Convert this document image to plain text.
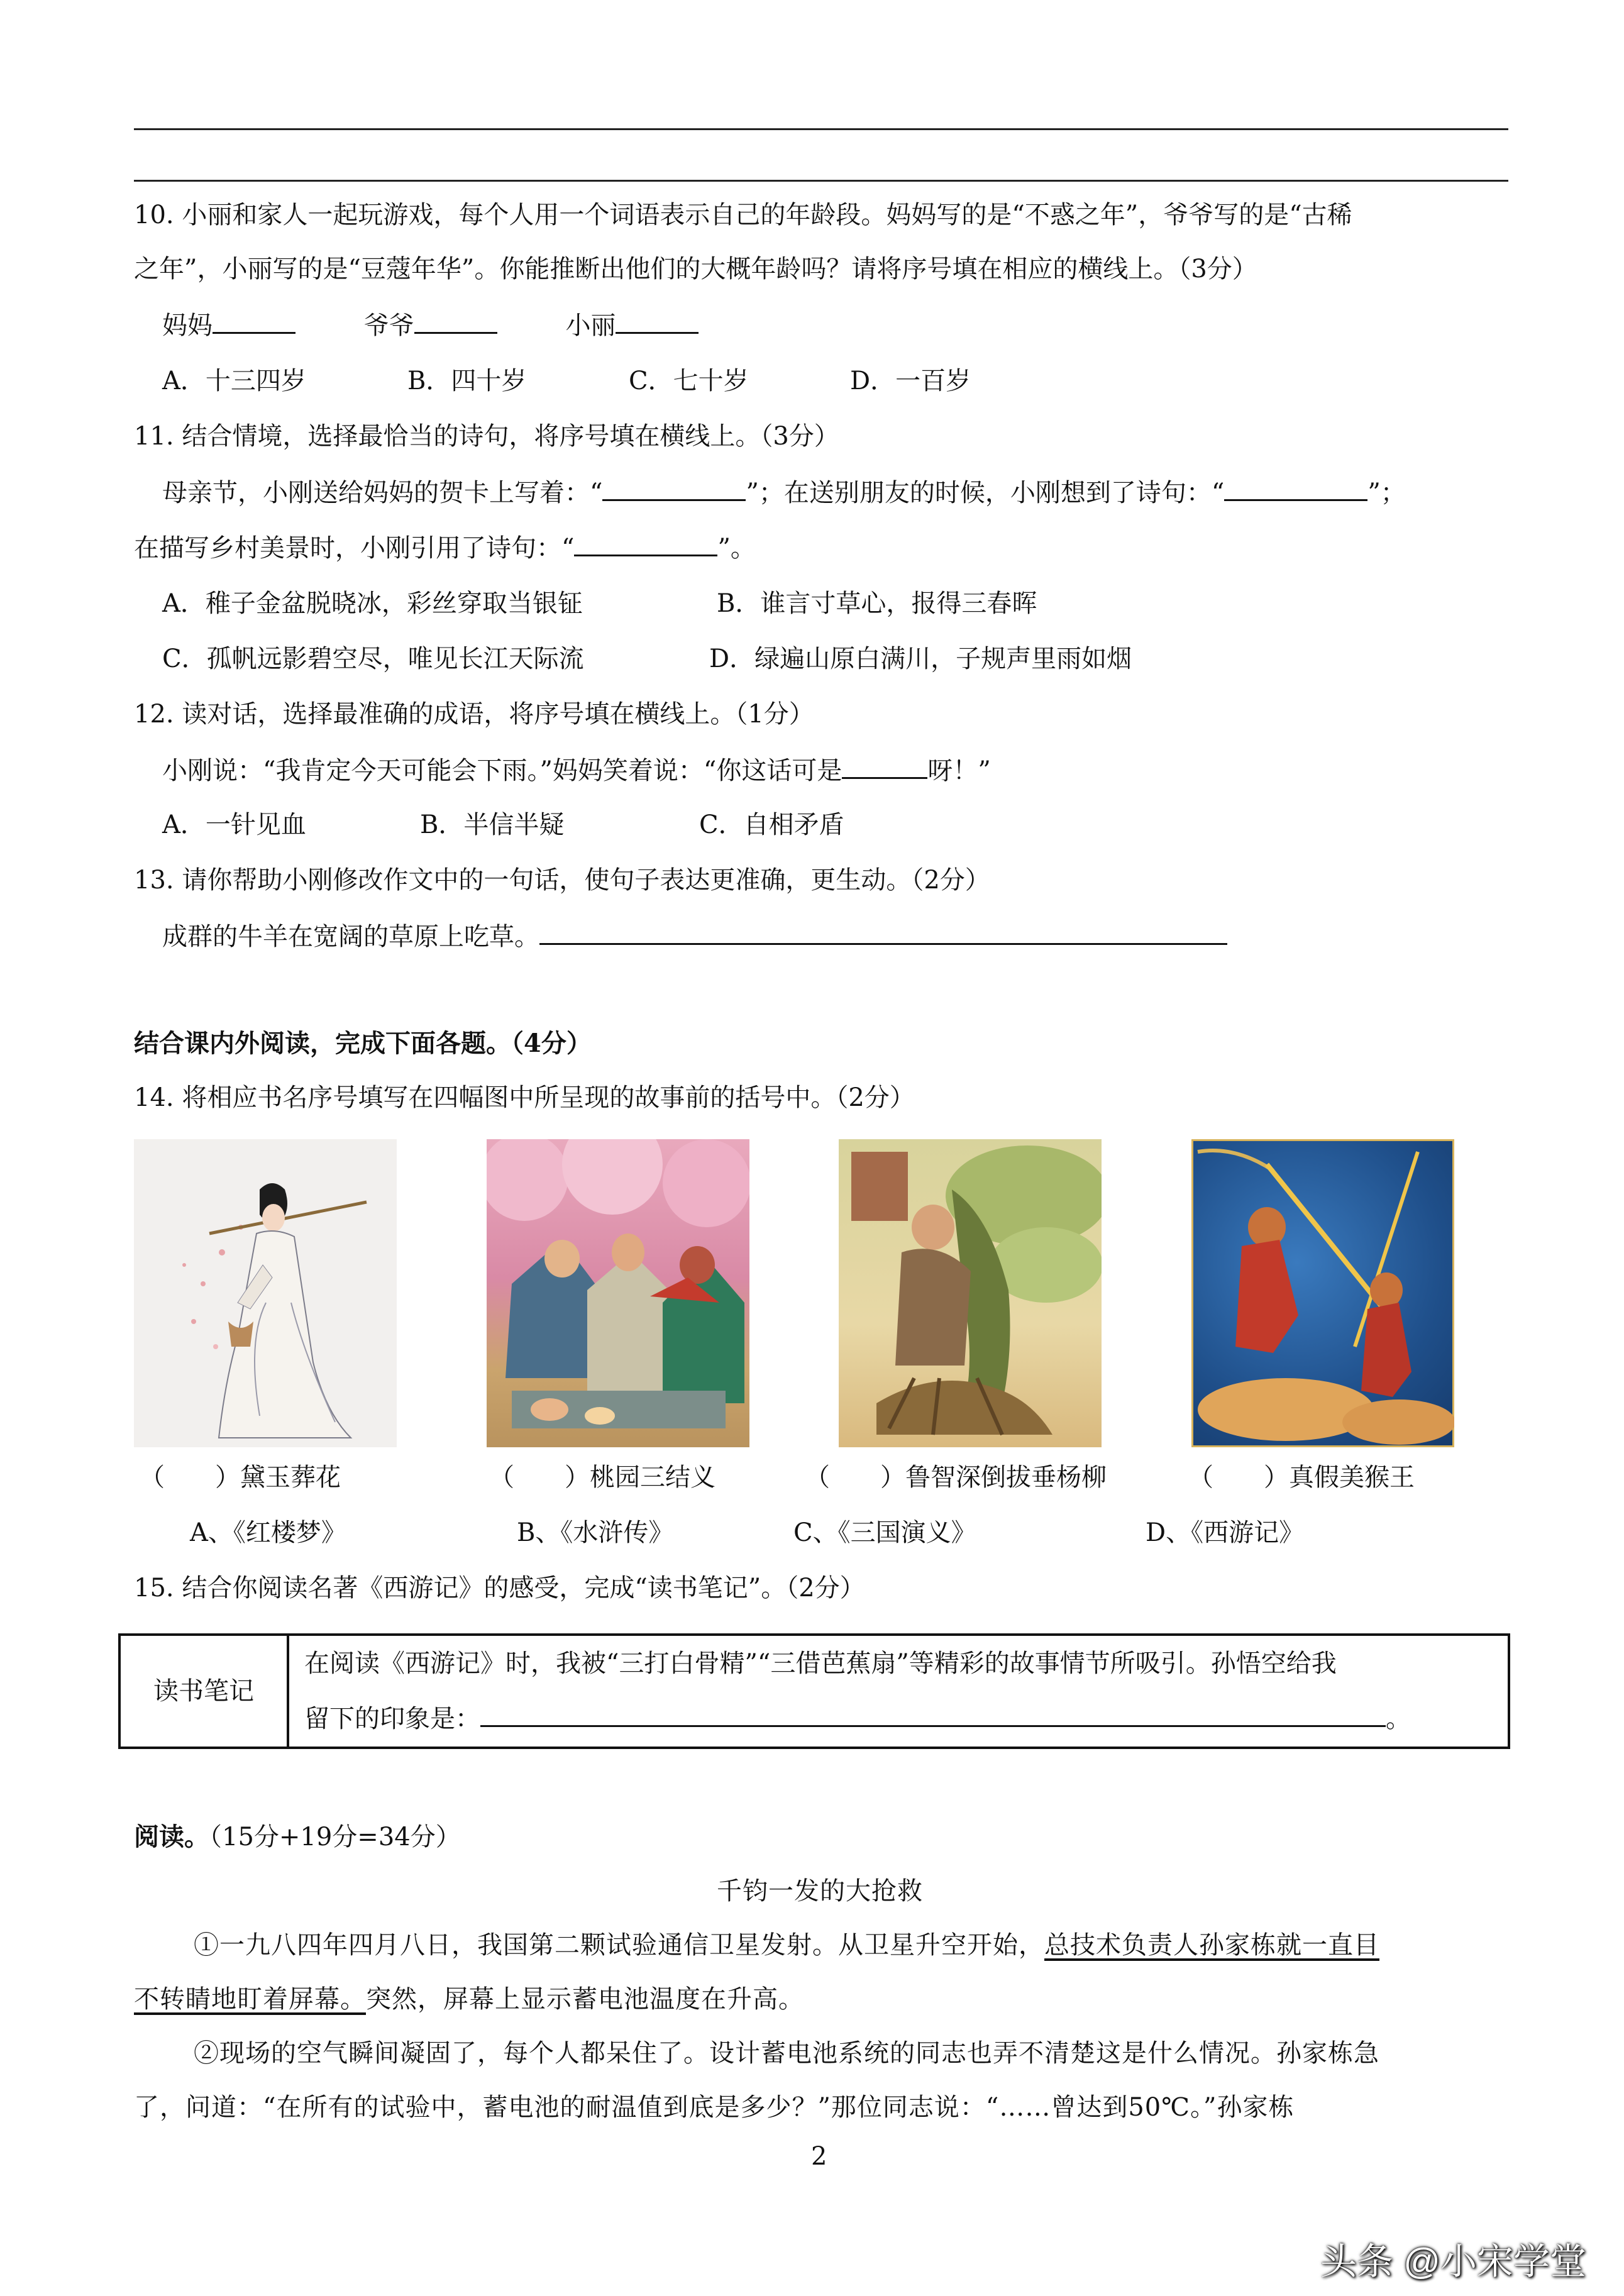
10. 小丽和家人一起玩游戏，每个人用一个词语表示自己的年龄段。妈妈写的是“不惑之年”，爷爷写的是“古稀
之年”，小丽写的是“豆蔻年华”。你能推断出他们的大概年龄吗？请将序号填在相应的横线上。（3分）
妈妈	爷爷	小丽
A．十三四岁	B．四十岁	C．七十岁	D．一百岁
11. 结合情境，选择最恰当的诗句，将序号填在横线上。（3分）
母亲节，小刚送给妈妈的贺卡上写着：“	”；在送别朋友的时候，小刚想到了诗句：“	”；
在描写乡村美景时，小刚引用了诗句：“	”。
A．稚子金盆脱晓冰，彩丝穿取当银钲	B．谁言寸草心，报得三春晖
C．孤帆远影碧空尽，唯见长江天际流	D．绿遍山原白满川，子规声里雨如烟
12. 读对话，选择最准确的成语，将序号填在横线上。（1分）
小刚说：“我肯定今天可能会下雨。”妈妈笑着说：“你这话可是	呀！”
A．一针见血	B．半信半疑	C．自相矛盾
13. 请你帮助小刚修改作文中的一句话，使句子表达更准确，更生动。（2分）
成群的牛羊在宽阔的草原上吃草。
结合课内外阅读，完成下面各题。（4分）
14. 将相应书名序号填写在四幅图中所呈现的故事前的括号中。（2分）
（　　）黛玉葬花	（　　）桃园三结义	（　　）鲁智深倒拔垂杨柳	（　　）真假美猴王
A、《红楼梦》	B、《水浒传》	C、《三国演义》	D、《西游记》
15. 结合你阅读名著《西游记》的感受，完成“读书笔记”。（2分）
读书笔记	
在阅读《西游记》时，我被“三打白骨精”“三借芭蕉扇”等精彩的故事情节所吸引。孙悟空给我
留下的印象是：	。
阅读。（15分+19分=34分）
千钧一发的大抢救
①一九八四年四月八日，我国第二颗试验通信卫星发射。从卫星升空开始，总技术负责人孙家栋就一直目
不转睛地盯着屏幕。突然，屏幕上显示蓄电池温度在升高。
②现场的空气瞬间凝固了，每个人都呆住了。设计蓄电池系统的同志也弄不清楚这是什么情况。孙家栋急
了，问道：“在所有的试验中，蓄电池的耐温值到底是多少？”那位同志说：“……曾达到50℃。”孙家栋
2
头条 @小宋学堂
